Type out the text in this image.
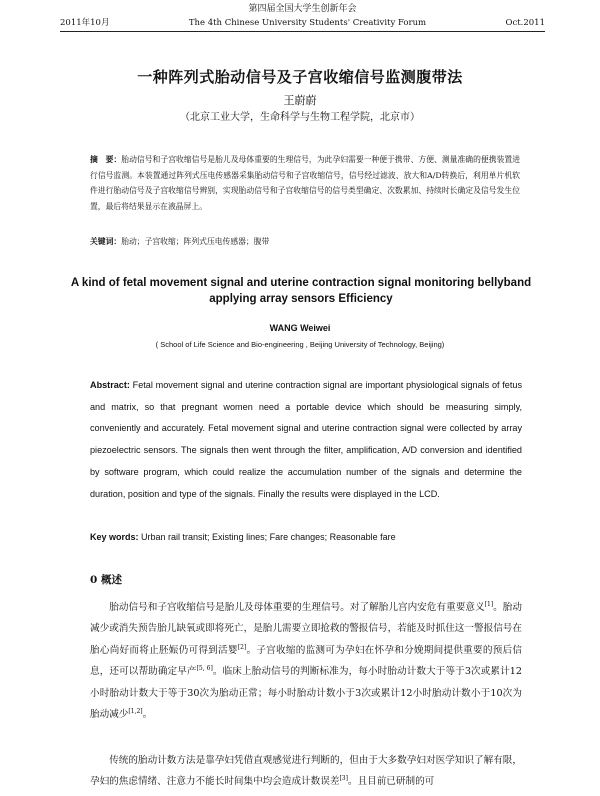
第四届全国大学生创新年会
2011年10月	The 4th Chinese University Students' Creativity Forum	Oct.2011
一种阵列式胎动信号及子宫收缩信号监测腹带法
王蔚蔚
（北京工业大学，生命科学与生物工程学院，北京市）
摘　要：胎动信号和子宫收缩信号是胎儿及母体重要的生理信号，为此孕妇需要一种便于携带、方便、测量准确的便携装置进行信号监测。本装置通过阵列式压电传感器采集胎动信号和子宫收缩信号，信号经过滤波、放大和A/D转换后，利用单片机软件进行胎动信号及子宫收缩信号辨别，实现胎动信号和子宫收缩信号的信号类型确定、次数累加、持续时长确定及信号发生位置，最后将结果显示在液晶屏上。
关键词：胎动；子宫收缩；阵列式压电传感器；腹带
A kind of fetal movement signal and uterine contraction signal monitoring bellyband applying array sensors Efficiency
WANG Weiwei
( School of Life Science and Bio-engineering , Beijing University of Technology, Beijing)
Abstract: Fetal movement signal and uterine contraction signal are important physiological signals of fetus and matrix, so that pregnant women need a portable device which should be measuring simply, conveniently and accurately. Fetal movement signal and uterine contraction signal were collected by array piezoelectric sensors. The signals then went through the filter, amplification, A/D conversion and identified by software program, which could realize the accumulation number of the signals and determine the duration, position and type of the signals. Finally the results were displayed in the LCD.
Key words: Urban rail transit; Existing lines; Fare changes; Reasonable fare
0 概述
胎动信号和子宫收缩信号是胎儿及母体重要的生理信号。对了解胎儿宫内安危有重要意义[1]。胎动减少或消失预告胎儿缺氧或即将死亡，是胎儿需要立即抢救的警报信号，若能及时抓住这一警报信号在胎心尚好而将止胚娠仍可得到活婴[2]。子宫收缩的监测可为孕妇在怀孕和分娩期间提供重要的预后信息，还可以帮助确定早产[5, 6]。临床上胎动信号的判断标准为，每小时胎动计数大于等于3次或累计12小时胎动计数大于等于30次为胎动正常；每小时胎动计数小于3次或累计12小时胎动计数小于10次为胎动减少[1,2]。
传统的胎动计数方法是靠孕妇凭借直观感觉进行判断的，但由于大多数孕妇对医学知识了解有限，孕妇的焦虑情绪、注意力不能长时间集中均会造成计数误差[3]。且目前已研制的可
